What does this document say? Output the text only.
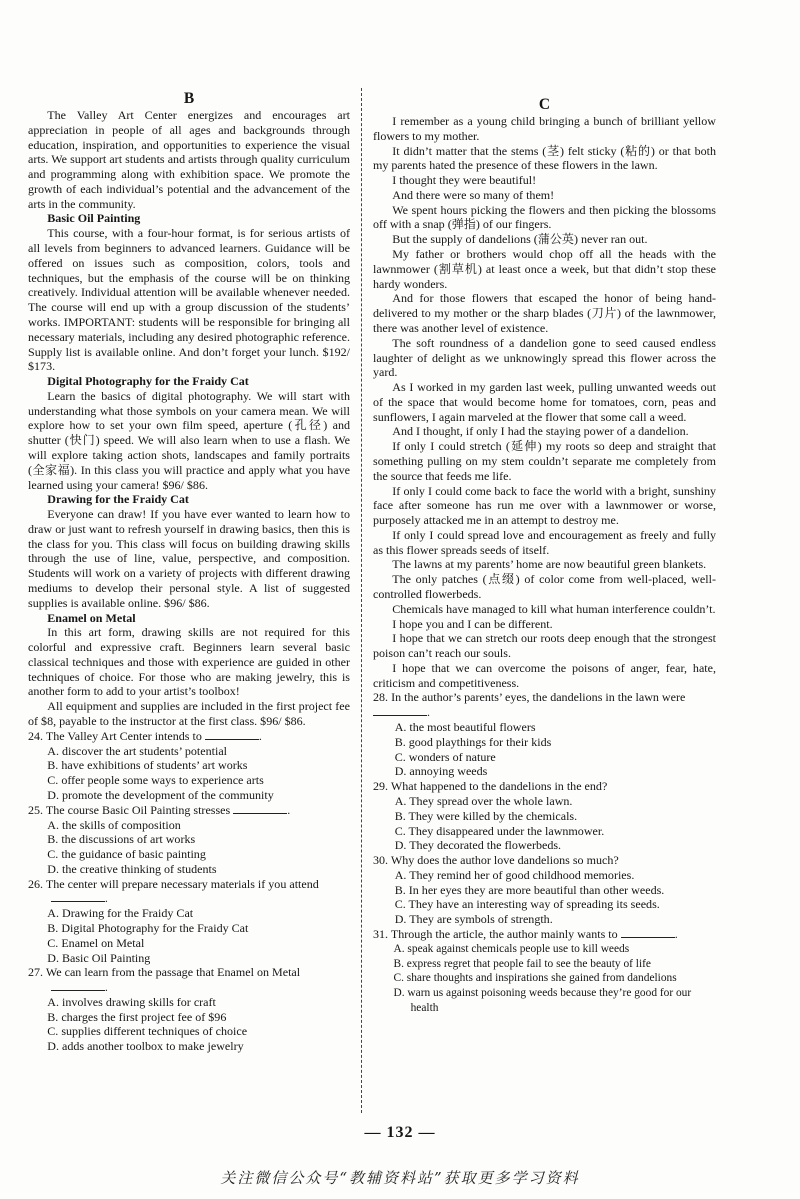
B

The Valley Art Center energizes and encourages art appreciation in people of all ages and backgrounds through education, inspiration, and opportunities to experience the visual arts. We support art students and artists through quality curriculum and programming along with exhibition space. We promote the growth of each individual’s potential and the advancement of the arts in the community.

Basic Oil Painting

This course, with a four-hour format, is for serious artists of all levels from beginners to advanced learners. Guidance will be offered on issues such as composition, colors, tools and techniques, but the emphasis of the course will be on thinking creatively. Individual attention will be available whenever needed. The course will end up with a group discussion of the students’ works. IMPORTANT: students will be responsible for bringing all necessary materials, including any desired photographic reference. Supply list is available online. And don’t forget your lunch. $192/ $173.

Digital Photography for the Fraidy Cat

Learn the basics of digital photography. We will start with understanding what those symbols on your camera mean. We will explore how to set your own film speed, aperture (孔径) and shutter (快门) speed. We will also learn when to use a flash. We will explore taking action shots, landscapes and family portraits (全家福). In this class you will practice and apply what you have learned using your camera! $96/ $86.

Drawing for the Fraidy Cat

Everyone can draw! If you have ever wanted to learn how to draw or just want to refresh yourself in drawing basics, then this is the class for you. This class will focus on building drawing skills through the use of line, value, perspective, and composition. Students will work on a variety of projects with different drawing mediums to develop their personal style. A list of suggested supplies is available online. $96/ $86.

Enamel on Metal

In this art form, drawing skills are not required for this colorful and expressive craft. Beginners learn several basic classical techniques and those with experience are guided in other techniques of choice. For those who are making jewelry, this is another form to add to your artist’s toolbox!

All equipment and supplies are included in the first project fee of $8, payable to the instructor at the first class. $96/ $86.

24. The Valley Art Center intends to	.

A. discover the art students’ potential

B. have exhibitions of students’ art works

C. offer people some ways to experience arts

D. promote the development of the community

25. The course Basic Oil Painting stresses	.

A. the skills of composition

B. the discussions of art works

C. the guidance of basic painting

D. the creative thinking of students

26. The center will prepare necessary materials if you attend
.

A. Drawing for the Fraidy Cat

B. Digital Photography for the Fraidy Cat

C. Enamel on Metal

D. Basic Oil Painting

27. We can learn from the passage that Enamel on Metal
.

A. involves drawing skills for craft

B. charges the first project fee of $96

C. supplies different techniques of choice

D. adds another toolbox to make jewelry

C

I remember as a young child bringing a bunch of brilliant yellow flowers to my mother.

It didn’t matter that the stems (茎) felt sticky (粘的) or that both my parents hated the presence of these flowers in the lawn.

I thought they were beautiful!

And there were so many of them!

We spent hours picking the flowers and then picking the blossoms off with a snap (弹指) of our fingers.

But the supply of dandelions (蒲公英) never ran out.

My father or brothers would chop off all the heads with the lawnmower (割草机) at least once a week, but that didn’t stop these hardy wonders.

And for those flowers that escaped the honor of being hand-delivered to my mother or the sharp blades (刀片) of the lawnmower, there was another level of existence.

The soft roundness of a dandelion gone to seed caused endless laughter of delight as we unknowingly spread this flower across the yard.

As I worked in my garden last week, pulling unwanted weeds out of the space that would become home for tomatoes, corn, peas and sunflowers, I again marveled at the flower that some call a weed.

And I thought, if only I had the staying power of a dandelion.

If only I could stretch (延伸) my roots so deep and straight that something pulling on my stem couldn’t separate me completely from the source that feeds me life.

If only I could come back to face the world with a bright, sunshiny face after someone has run me over with a lawnmower or worse, purposely attacked me in an attempt to destroy me.

If only I could spread love and encouragement as freely and fully as this flower spreads seeds of itself.

The lawns at my parents’ home are now beautiful green blankets.

The only patches (点缀) of color come from well-placed, well-controlled flowerbeds.

Chemicals have managed to kill what human interference couldn’t.

I hope you and I can be different.

I hope that we can stretch our roots deep enough that the strongest poison can’t reach our souls.

I hope that we can overcome the poisons of anger, fear, hate, criticism and competitiveness.

28. In the author’s parents’ eyes, the dandelions in the lawn were .

A. the most beautiful flowers

B. good playthings for their kids

C. wonders of nature

D. annoying weeds

29. What happened to the dandelions in the end?

A. They spread over the whole lawn.

B. They were killed by the chemicals.

C. They disappeared under the lawnmower.

D. They decorated the flowerbeds.

30. Why does the author love dandelions so much?

A. They remind her of good childhood memories.

B. In her eyes they are more beautiful than other weeds.

C. They have an interesting way of spreading its seeds.

D. They are symbols of strength.

31. Through the article, the author mainly wants to	.

A. speak against chemicals people use to kill weeds

B. express regret that people fail to see the beauty of life

C. share thoughts and inspirations she gained from dandelions

D. warn us against poisoning weeds because they’re good for our health

— 132 —
关注微信公众号“教辅资料站”获取更多学习资料
